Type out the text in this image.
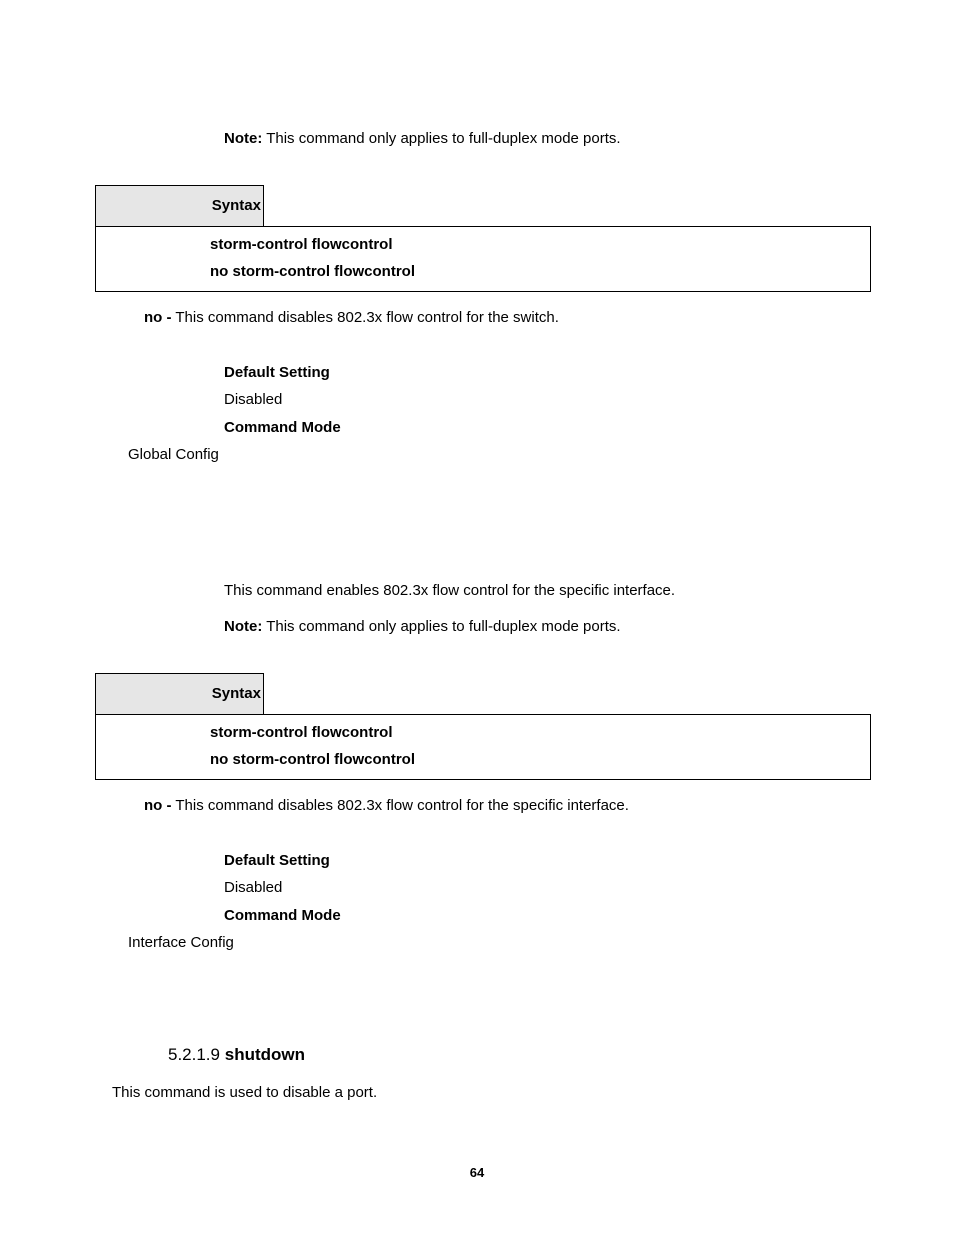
Note: This command only applies to full-duplex mode ports.
Syntax
storm-control flowcontrol
no storm-control flowcontrol
no - This command disables 802.3x flow control for the switch.
Default Setting
Disabled
Command Mode
Global Config
This command enables 802.3x flow control for the specific interface.
Note: This command only applies to full-duplex mode ports.
Syntax
storm-control flowcontrol
no storm-control flowcontrol
no - This command disables 802.3x flow control for the specific interface.
Default Setting
Disabled
Command Mode
Interface Config
5.2.1.9 shutdown
This command is used to disable a port.
64
